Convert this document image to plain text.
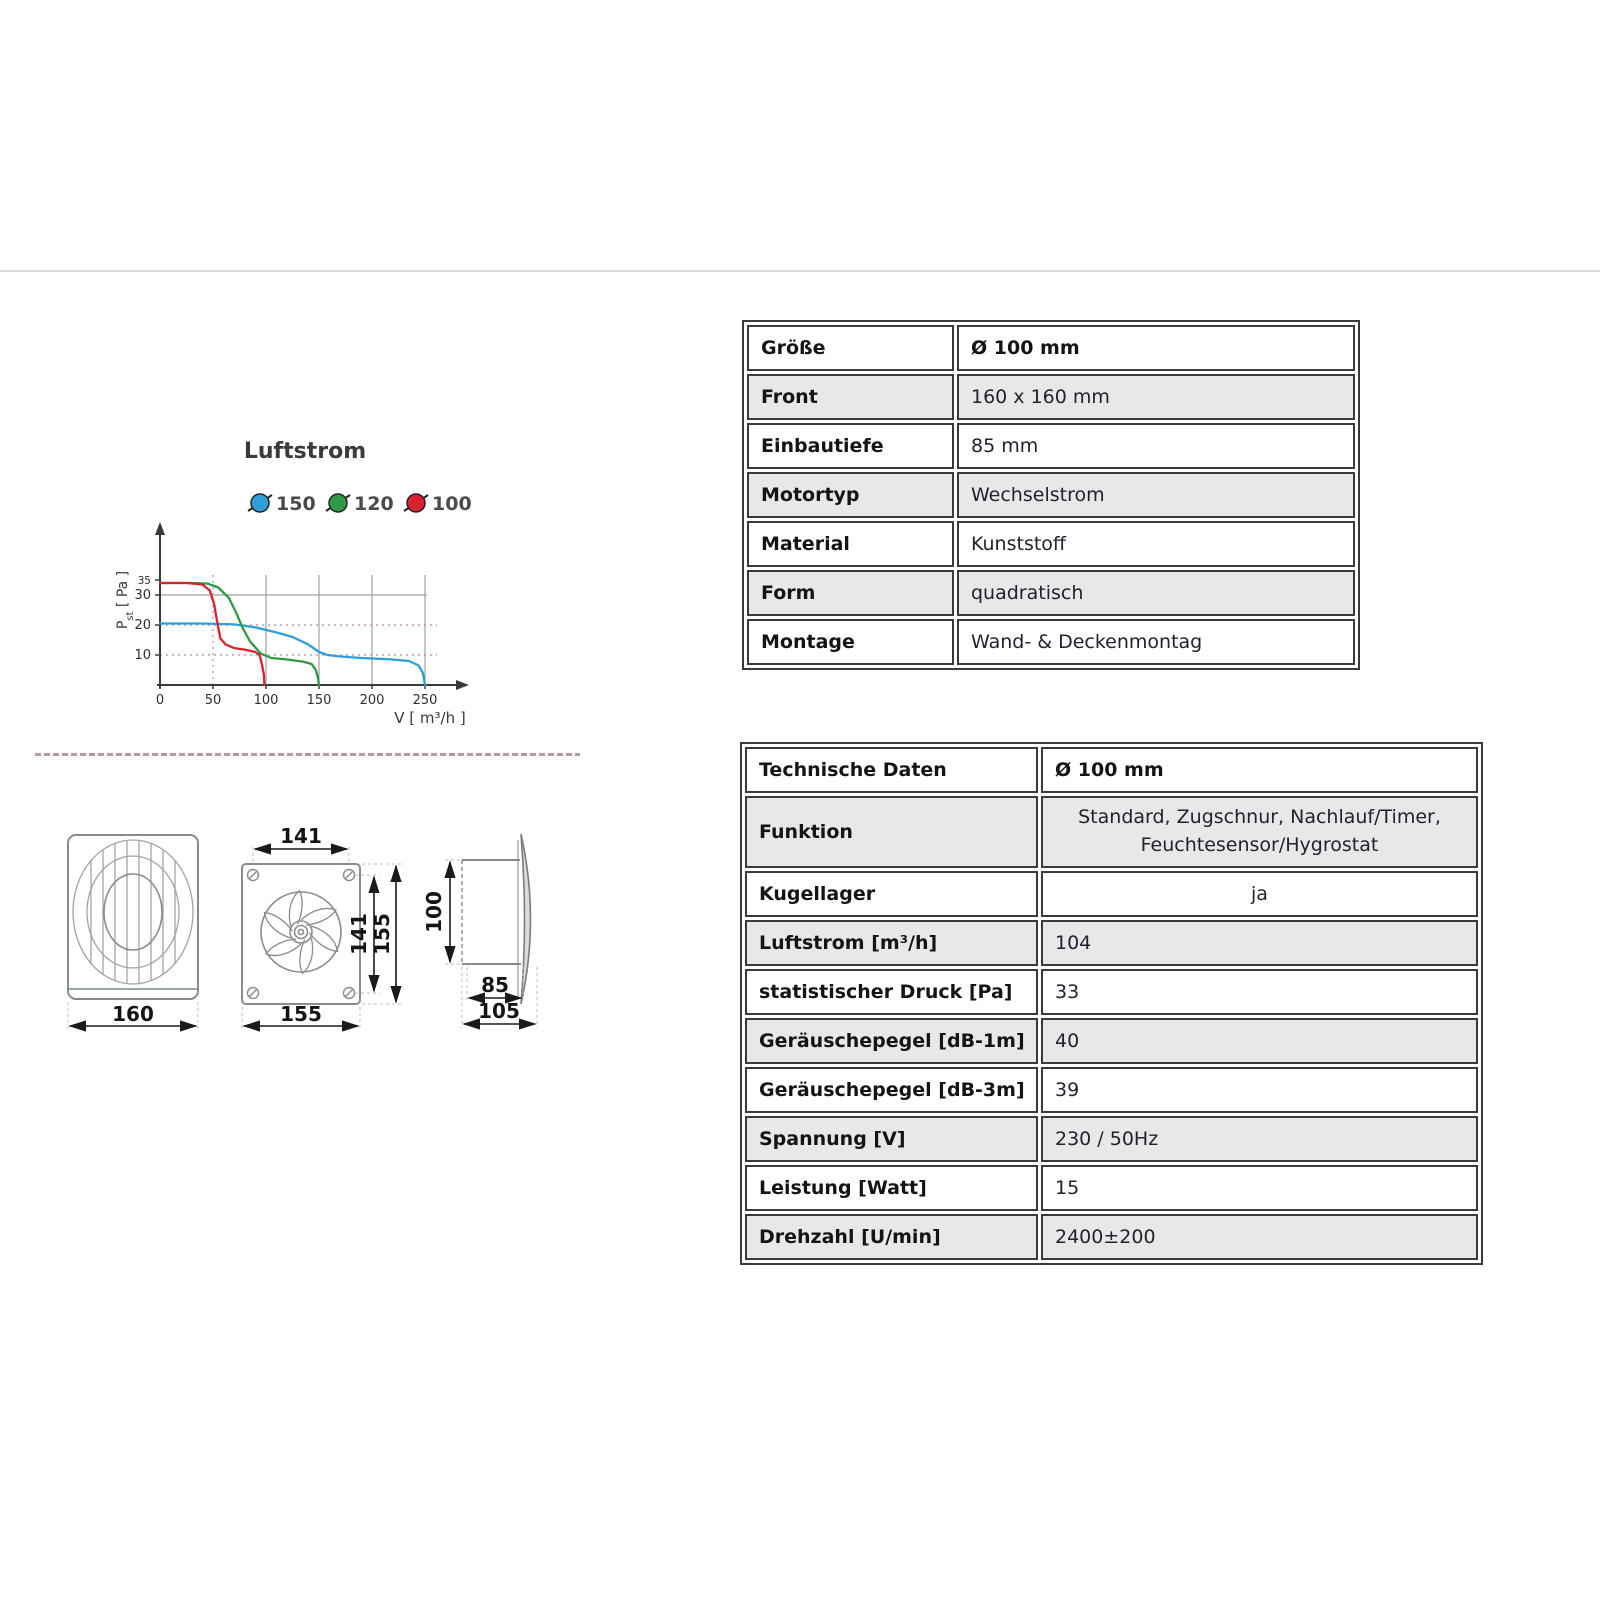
0	50 100 150 200 250
10
20
30
35
Luftstrom
V [ m³/h ]
$P_{st}$ [ Pa ]
150 120 100
160
141
141 155
155
100
85
105
Größe	Ø 100 mm
Front	160 x 160 mm
Einbautiefe	85 mm
Motortyp	Wechselstrom
Material	Kunststoff
Form	quadratisch
Montage	Wand- & Deckenmontag
Technische Daten	Ø 100 mm
Funktion	Standard, Zugschnur, Nachlauf/Timer, Feuchtesensor/Hygrostat
Kugellager	ja
Luftstrom [m³/h]	104
statistischer Druck [Pa]	33
Geräuschepegel [dB-1m]	40
Geräuschepegel [dB-3m]	39
Spannung [V]	230 / 50Hz
Leistung [Watt]	15
Drehzahl [U/min]	2400±200
